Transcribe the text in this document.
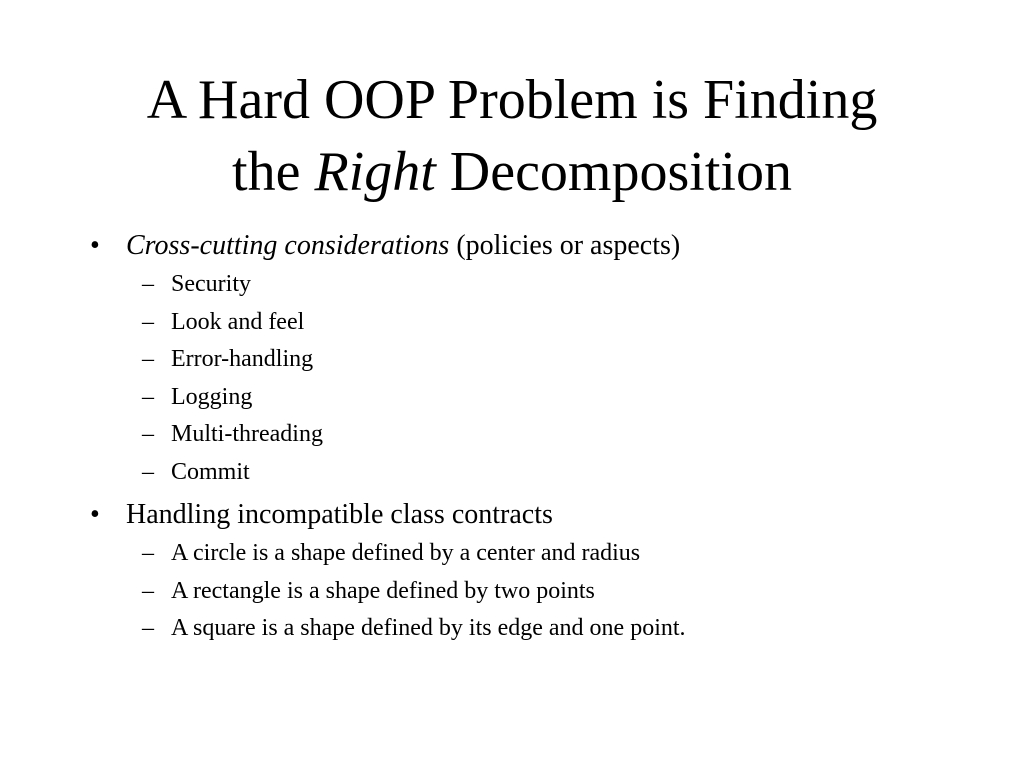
A Hard OOP Problem is Finding
the Right Decomposition

• Cross-cutting considerations (policies or aspects)

– Security

– Look and feel

– Error-handling

– Logging

– Multi-threading

– Commit

• Handling incompatible class contracts

– A circle is a shape defined by a center and radius

– A rectangle is a shape defined by two points

– A square is a shape defined by its edge and one point.
